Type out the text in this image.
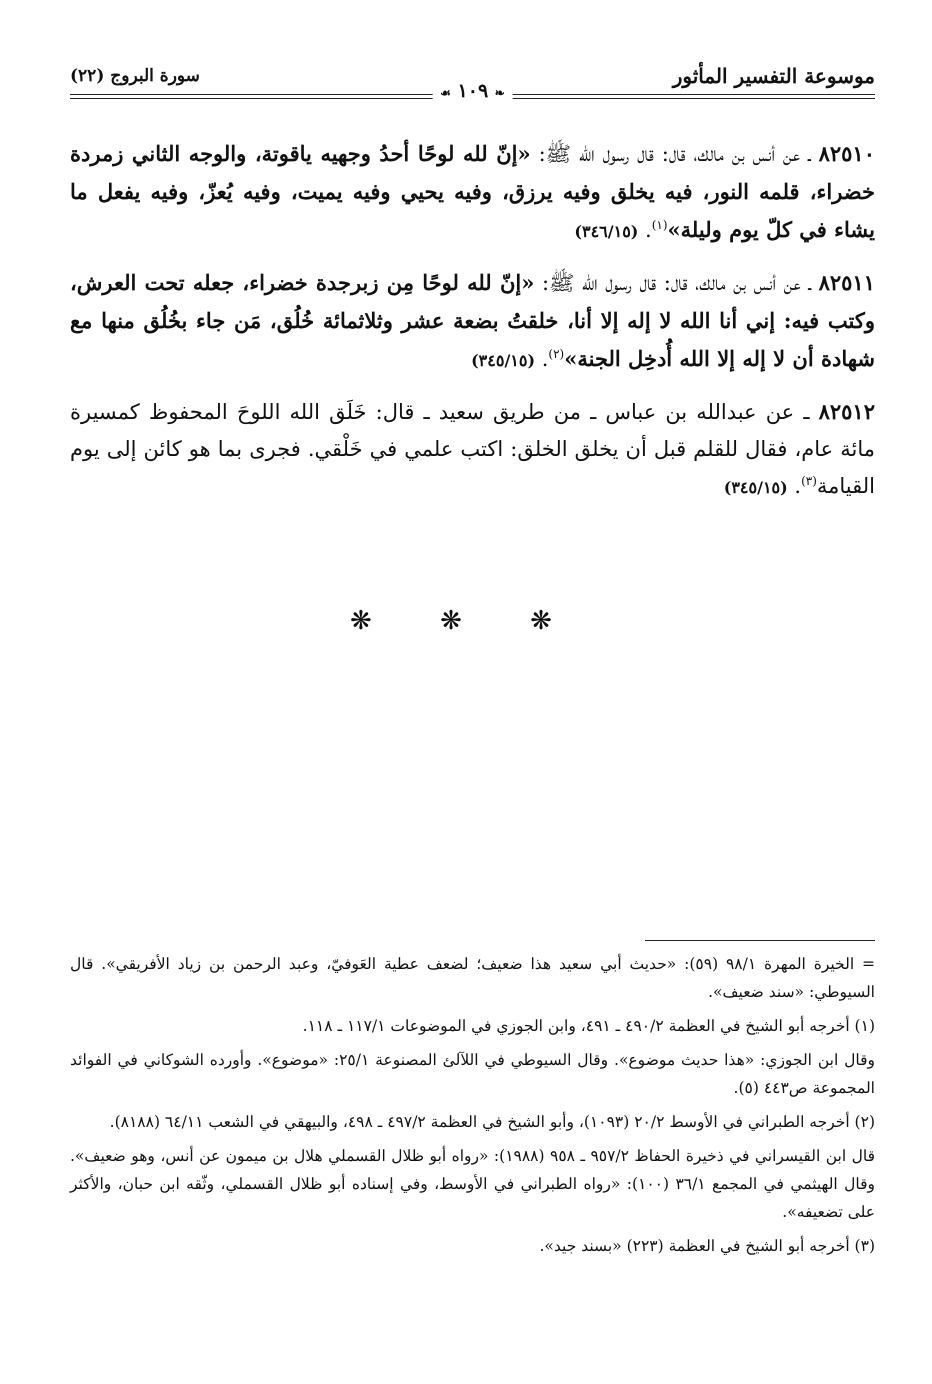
موسوعة التفسير المأثور
❧ ١٠٩ ☙
سورة البروج (٢٢)

٨٢٥١٠ ـ عن أنس بن مالك، قال: قال رسول الله ﷺ: «إنّ لله لوحًا أحدُ وجهيه ياقوتة، والوجه الثاني زمردة خضراء، قلمه النور، فيه يخلق وفيه يرزق، وفيه يحيي وفيه يميت، وفيه يُعزّ، وفيه يفعل ما يشاء في كلّ يوم وليلة»$^{(١)}$. (٣٤٦/١٥)

٨٢٥١١ ـ عن أنس بن مالك، قال: قال رسول الله ﷺ: «إنّ لله لوحًا مِن زبرجدة خضراء، جعله تحت العرش، وكتب فيه: إني أنا الله لا إله إلا أنا، خلقتُ بضعة عشر وثلاثمائة خُلُق، مَن جاء بخُلُق منها مع شهادة أن لا إله إلا الله أُدخِل الجنة»$^{(٢)}$. (٣٤٥/١٥)

٨٢٥١٢ ـ عن عبدالله بن عباس ـ من طريق سعيد ـ قال: خَلَق الله اللوحَ المحفوظ كمسيرة مائة عام، فقال للقلم قبل أن يخلق الخلق: اكتب علمي في خَلْقي. فجرى بما هو كائن إلى يوم القيامة$^{(٣)}$. (٣٤٥/١٥)

❋ ❋ ❋

= الخيرة المهرة ٩٨/١ (٥٩): «حديث أبي سعيد هذا ضعيف؛ لضعف عطية العَوفيّ، وعبد الرحمن بن زياد الأفريقي». قال السيوطي: «سند ضعيف».

(١) أخرجه أبو الشيخ في العظمة ٤٩٠/٢ ـ ٤٩١، وابن الجوزي في الموضوعات ١١٧/١ ـ ١١٨.

وقال ابن الجوزي: «هذا حديث موضوع». وقال السيوطي في اللآلئ المصنوعة ٢٥/١: «موضوع». وأورده الشوكاني في الفوائد المجموعة ص٤٤٣ (٥).

(٢) أخرجه الطبراني في الأوسط ٢٠/٢ (١٠٩٣)، وأبو الشيخ في العظمة ٤٩٧/٢ ـ ٤٩٨، والبيهقي في الشعب ٦٤/١١ (٨١٨٨).

قال ابن القيسراني في ذخيرة الحفاظ ٩٥٧/٢ ـ ٩٥٨ (١٩٨٨): «رواه أبو ظلال القسملي هلال بن ميمون عن أنس، وهو ضعيف». وقال الهيثمي في المجمع ٣٦/١ (١٠٠): «رواه الطبراني في الأوسط، وفي إسناده أبو ظلال القسملي، وثّقه ابن حبان، والأكثر على تضعيفه».

(٣) أخرجه أبو الشيخ في العظمة (٢٢٣) «بسند جيد».
